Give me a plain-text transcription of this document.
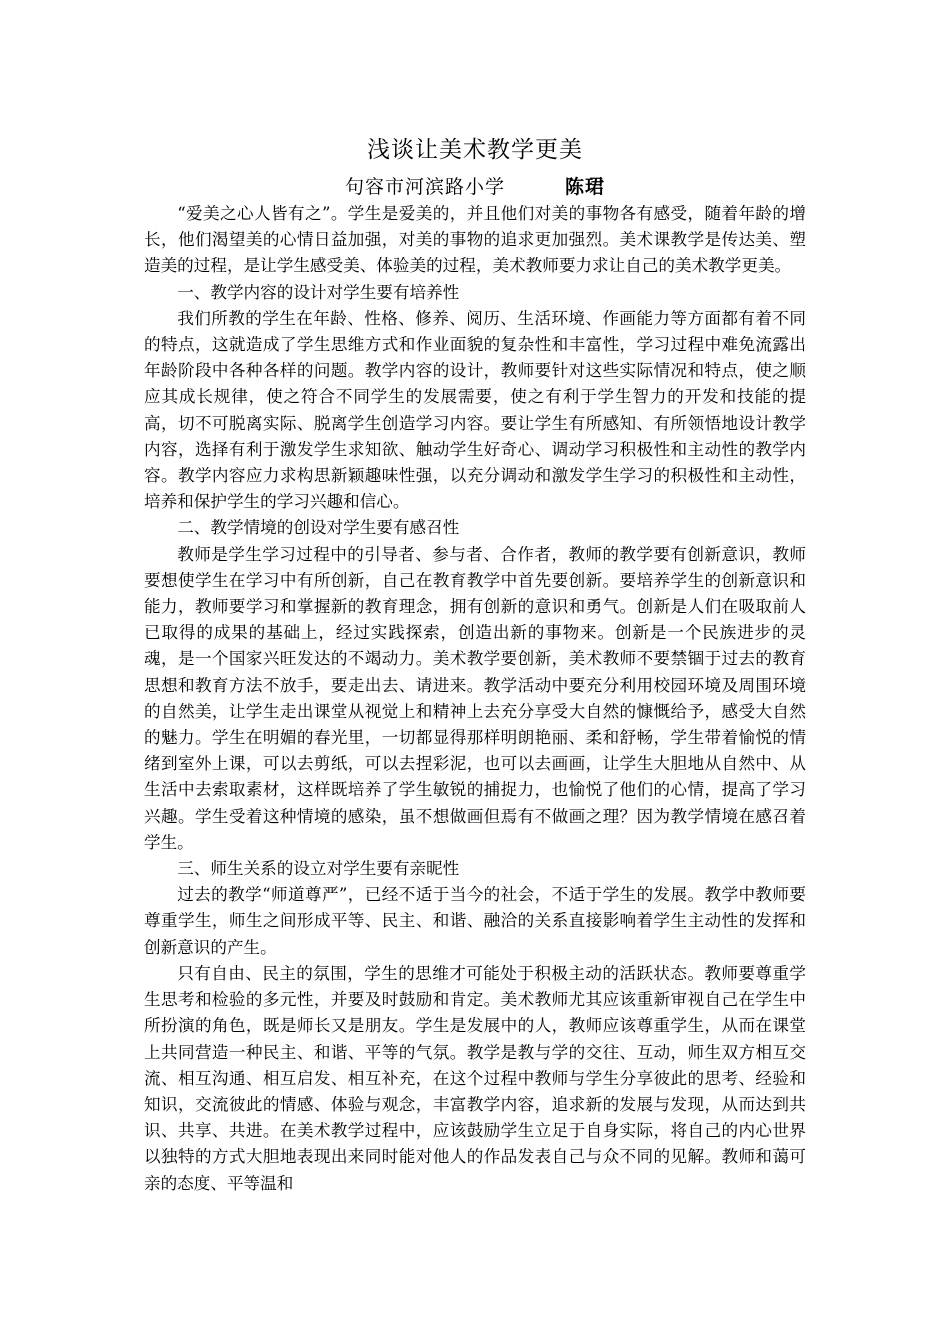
浅谈让美术教学更美
句容市河滨路小学	陈珺

“爱美之心人皆有之”。学生是爱美的，并且他们对美的事物各有感受，随着年龄的增长，他们渴望美的心情日益加强，对美的事物的追求更加强烈。美术课教学是传达美、塑造美的过程，是让学生感受美、体验美的过程，美术教师要力求让自己的美术教学更美。

一、教学内容的设计对学生要有培养性

我们所教的学生在年龄、性格、修养、阅历、生活环境、作画能力等方面都有着不同的特点，这就造成了学生思维方式和作业面貌的复杂性和丰富性，学习过程中难免流露出年龄阶段中各种各样的问题。教学内容的设计，教师要针对这些实际情况和特点，使之顺应其成长规律，使之符合不同学生的发展需要，使之有利于学生智力的开发和技能的提高，切不可脱离实际、脱离学生创造学习内容。要让学生有所感知、有所领悟地设计教学内容，选择有利于激发学生求知欲、触动学生好奇心、调动学习积极性和主动性的教学内容。教学内容应力求构思新颖趣味性强，以充分调动和激发学生学习的积极性和主动性，培养和保护学生的学习兴趣和信心。

二、教学情境的创设对学生要有感召性

教师是学生学习过程中的引导者、参与者、合作者，教师的教学要有创新意识，教师要想使学生在学习中有所创新，自己在教育教学中首先要创新。要培养学生的创新意识和能力，教师要学习和掌握新的教育理念，拥有创新的意识和勇气。创新是人们在吸取前人已取得的成果的基础上，经过实践探索，创造出新的事物来。创新是一个民族进步的灵魂，是一个国家兴旺发达的不竭动力。美术教学要创新，美术教师不要禁锢于过去的教育思想和教育方法不放手，要走出去、请进来。教学活动中要充分利用校园环境及周围环境的自然美，让学生走出课堂从视觉上和精神上去充分享受大自然的慷慨给予，感受大自然的魅力。学生在明媚的春光里，一切都显得那样明朗艳丽、柔和舒畅，学生带着愉悦的情绪到室外上课，可以去剪纸，可以去捏彩泥，也可以去画画，让学生大胆地从自然中、从生活中去索取素材，这样既培养了学生敏锐的捕捉力，也愉悦了他们的心情，提高了学习兴趣。学生受着这种情境的感染，虽不想做画但焉有不做画之理？因为教学情境在感召着学生。

三、师生关系的设立对学生要有亲昵性

过去的教学“师道尊严”，已经不适于当今的社会，不适于学生的发展。教学中教师要尊重学生，师生之间形成平等、民主、和谐、融洽的关系直接影响着学生主动性的发挥和创新意识的产生。

只有自由、民主的氛围，学生的思维才可能处于积极主动的活跃状态。教师要尊重学生思考和检验的多元性，并要及时鼓励和肯定。美术教师尤其应该重新审视自己在学生中所扮演的角色，既是师长又是朋友。学生是发展中的人，教师应该尊重学生，从而在课堂上共同营造一种民主、和谐、平等的气氛。教学是教与学的交往、互动，师生双方相互交流、相互沟通、相互启发、相互补充，在这个过程中教师与学生分享彼此的思考、经验和知识，交流彼此的情感、体验与观念，丰富教学内容，追求新的发展与发现，从而达到共识、共享、共进。在美术教学过程中，应该鼓励学生立足于自身实际，将自己的内心世界以独特的方式大胆地表现出来同时能对他人的作品发表自己与众不同的见解。教师和蔼可亲的态度、平等温和
